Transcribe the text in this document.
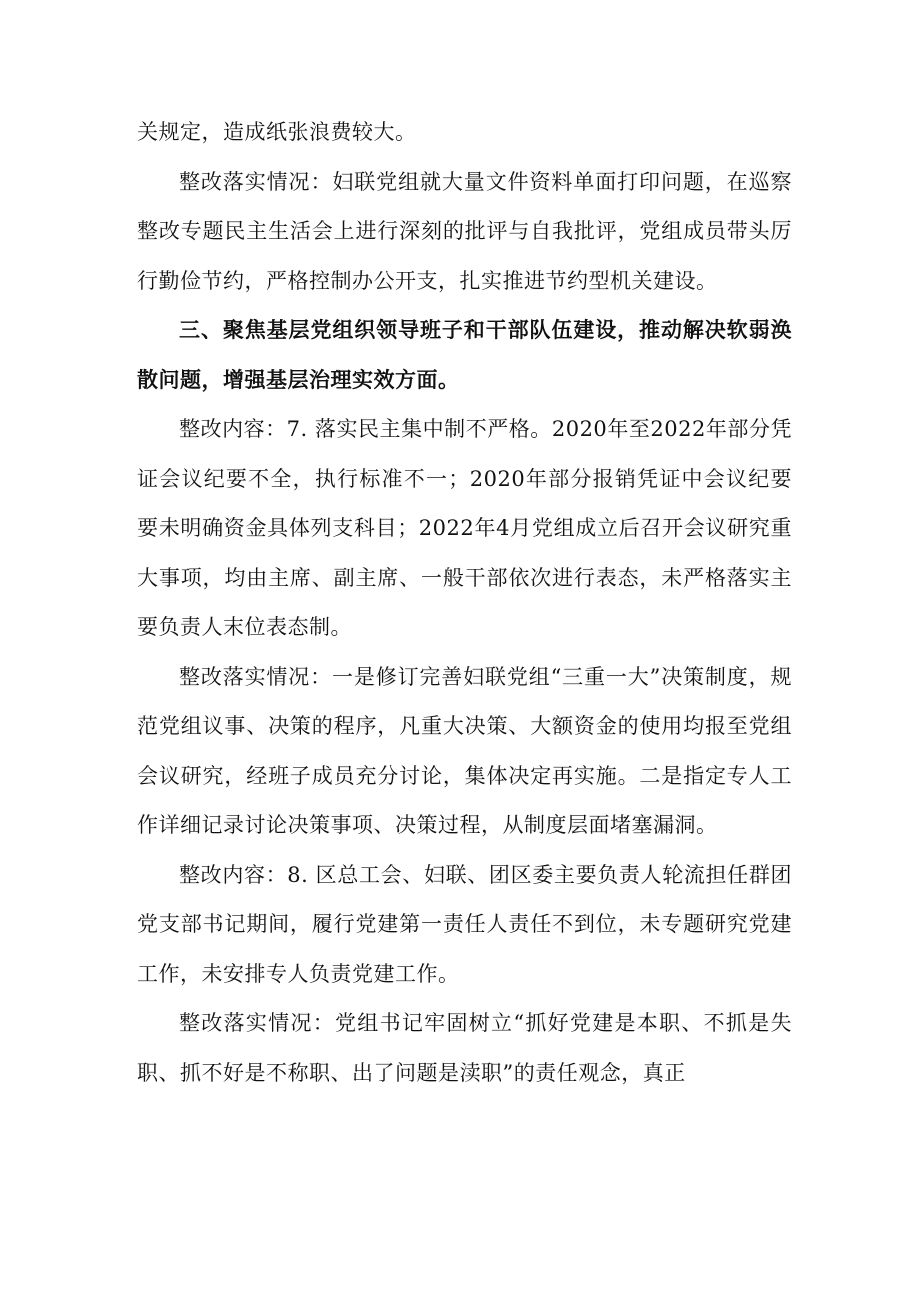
关规定，造成纸张浪费较大。

整改落实情况：妇联党组就大量文件资料单面打印问题，在巡察整改专题民主生活会上进行深刻的批评与自我批评，党组成员带头厉行勤俭节约，严格控制办公开支，扎实推进节约型机关建设。

三、聚焦基层党组织领导班子和干部队伍建设，推动解决软弱涣散问题，增强基层治理实效方面。

整改内容：7. 落实民主集中制不严格。2020年至2022年部分凭证会议纪要不全，执行标准不一；2020年部分报销凭证中会议纪要要未明确资金具体列支科目；2022年4月党组成立后召开会议研究重大事项，均由主席、副主席、一般干部依次进行表态，未严格落实主要负责人末位表态制。

整改落实情况：一是修订完善妇联党组“三重一大”决策制度，规范党组议事、决策的程序，凡重大决策、大额资金的使用均报至党组会议研究，经班子成员充分讨论，集体决定再实施。二是指定专人工作详细记录讨论决策事项、决策过程，从制度层面堵塞漏洞。

整改内容：8. 区总工会、妇联、团区委主要负责人轮流担任群团党支部书记期间，履行党建第一责任人责任不到位，未专题研究党建工作，未安排专人负责党建工作。

整改落实情况：党组书记牢固树立“抓好党建是本职、不抓是失职、抓不好是不称职、出了问题是渎职”的责任观念，真正
